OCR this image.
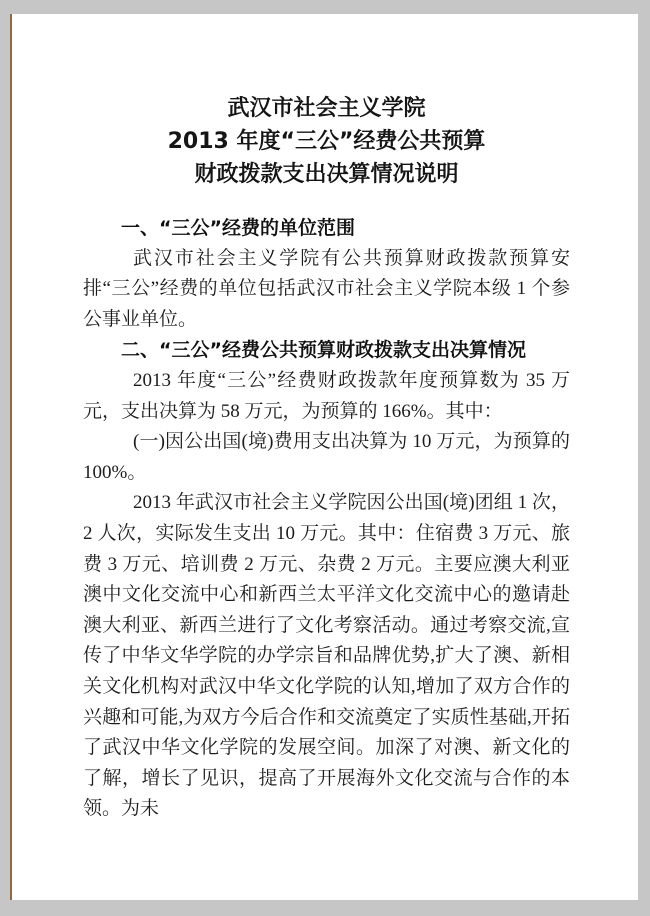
武汉市社会主义学院
2013 年度“三公”经费公共预算
财政拨款支出决算情况说明
一、“三公”经费的单位范围

武汉市社会主义学院有公共预算财政拨款预算安排“三公”经费的单位包括武汉市社会主义学院本级 1 个参公事业单位。

二、“三公”经费公共预算财政拨款支出决算情况

2013 年度“三公”经费财政拨款年度预算数为 35 万元，支出决算为 58 万元，为预算的 166%。其中：

(一)因公出国(境)费用支出决算为 10 万元，为预算的 100%。

2013 年武汉市社会主义学院因公出国(境)团组 1 次，2 人次，实际发生支出 10 万元。其中：住宿费 3 万元、旅费 3 万元、培训费 2 万元、杂费 2 万元。主要应澳大利亚澳中文化交流中心和新西兰太平洋文化交流中心的邀请赴澳大利亚、新西兰进行了文化考察活动。通过考察交流,宣传了中华文华学院的办学宗旨和品牌优势,扩大了澳、新相关文化机构对武汉中华文化学院的认知,增加了双方合作的兴趣和可能,为双方今后合作和交流奠定了实质性基础,开拓了武汉中华文化学院的发展空间。加深了对澳、新文化的了解，增长了见识，提高了开展海外文化交流与合作的本领。为未
